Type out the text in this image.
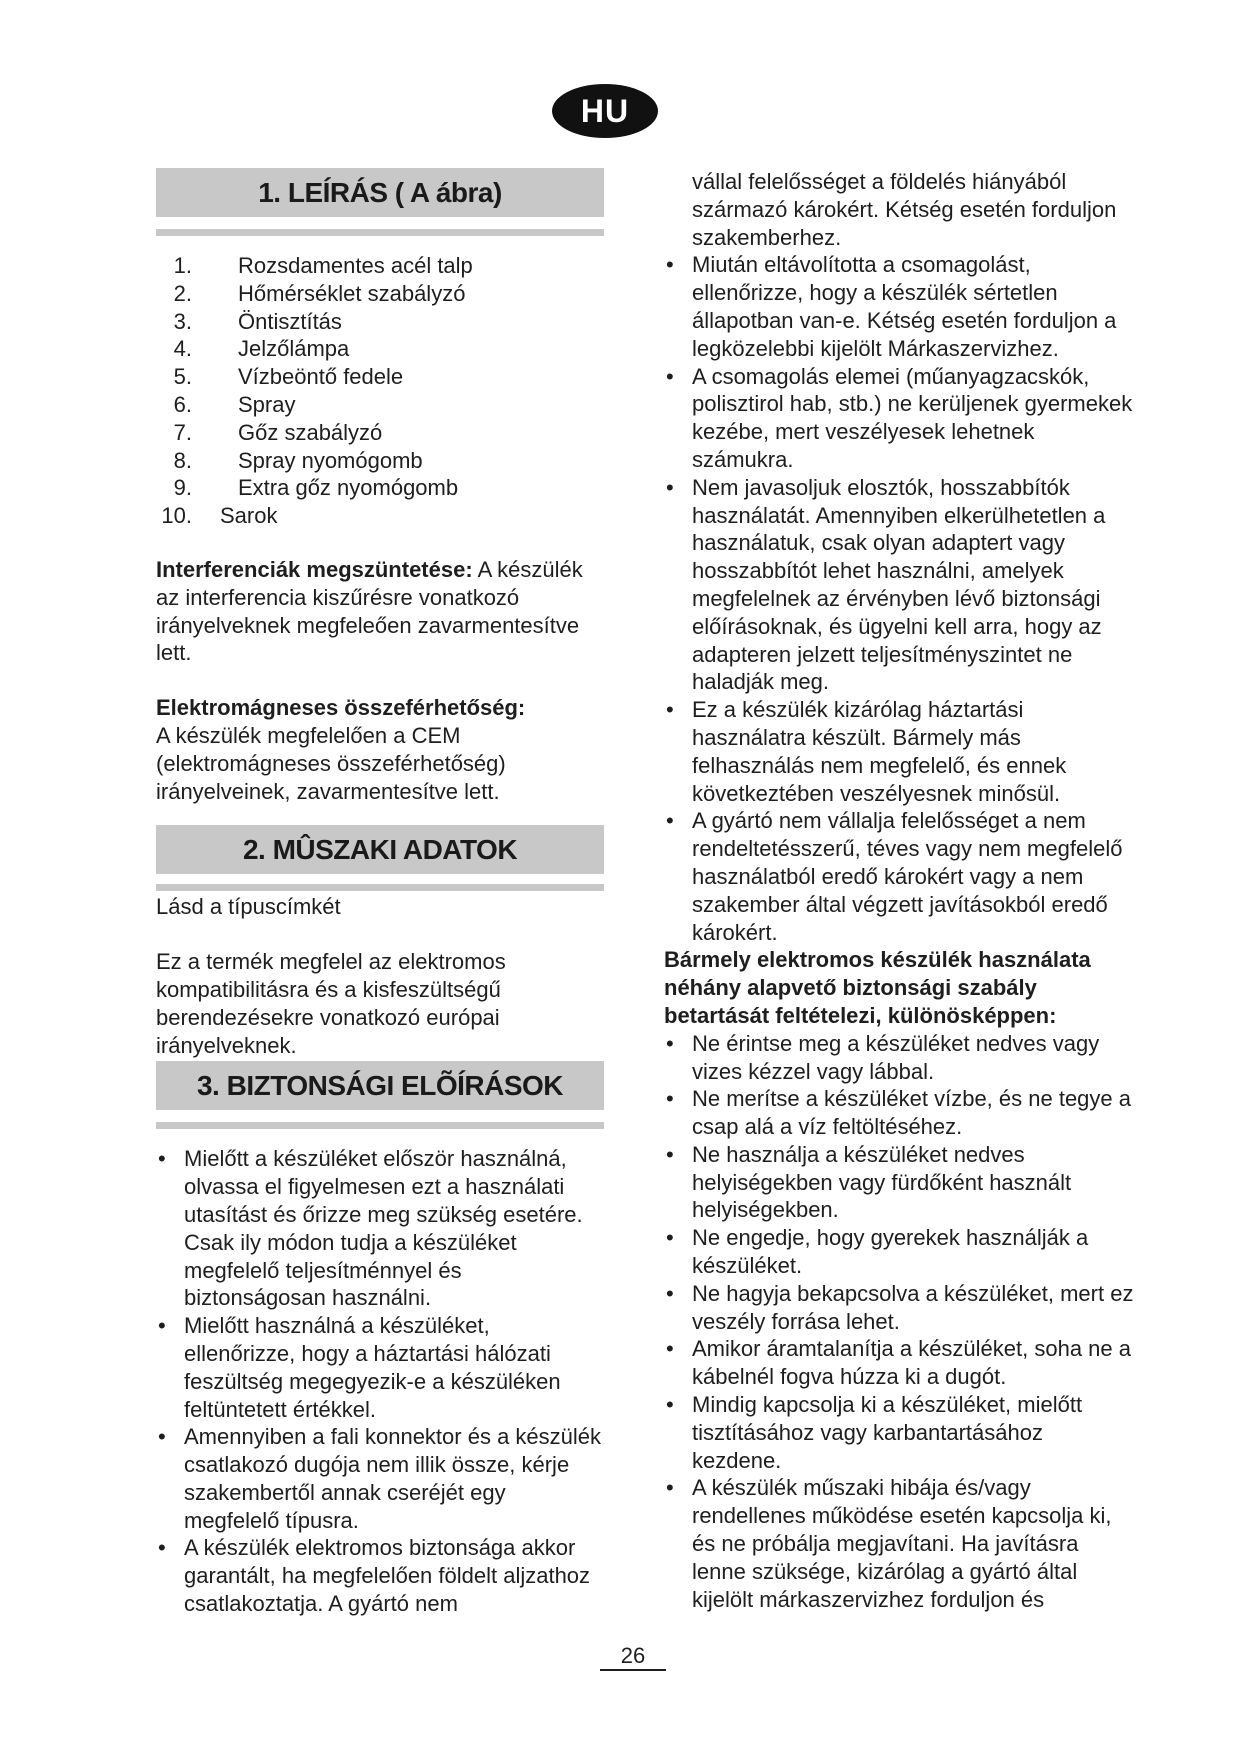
HU
1. LEÍRÁS ( A ábra)
1. Rozsdamentes acél talp
2. Hőmérséklet szabályzó
3. Öntisztítás
4. Jelzőlámpa
5. Vízbeöntő fedele
6. Spray
7. Gőz szabályzó
8. Spray nyomógomb
9. Extra gőz nyomógomb
10. Sarok

Interferenciák megszüntetése: A készülék az interferencia kiszűrésre vonatkozó irányelveknek megfeleően zavarmentesítve lett.

Elektromágneses összeférhetőség:

A készülék megfelelően a CEM (elektromágneses összeférhetőség) irányelveinek, zavarmentesítve lett.

2. MÛSZAKI ADATOK

Lásd a típuscímkét

Ez a termék megfelel az elektromos kompatibilitásra és a kisfeszültségű berendezésekre vonatkozó európai irányelveknek.

3. BIZTONSÁGI ELÕÍRÁSOK
• Mielőtt a készüléket először használná, olvassa el figyelmesen ezt a használati utasítást és őrizze meg szükség esetére. Csak ily módon tudja a készüléket megfelelő teljesítménnyel és biztonságosan használni.
• Mielőtt használná a készüléket, ellenőrizze, hogy a háztartási hálózati feszültség megegyezik-e a készüléken feltüntetett értékkel.
• Amennyiben a fali konnektor és a készülék csatlakozó dugója nem illik össze, kérje szakembertől annak cseréjét egy megfelelő típusra.
• A készülék elektromos biztonsága akkor garantált, ha megfelelően földelt aljzathoz csatlakoztatja. A gyártó nem

vállal felelősséget a földelés hiányából származó károkért. Kétség esetén forduljon szakemberhez.

• Miután eltávolította a csomagolást, ellenőrizze, hogy a készülék sértetlen állapotban van-e. Kétség esetén forduljon a legközelebbi kijelölt Márkaszervizhez.
• A csomagolás elemei (műanyagzacskók, polisztirol hab, stb.) ne kerüljenek gyermekek kezébe, mert veszélyesek lehetnek számukra.
• Nem javasoljuk elosztók, hosszabbítók használatát. Amennyiben elkerülhetetlen a használatuk, csak olyan adaptert vagy hosszabbítót lehet használni, amelyek megfelelnek az érvényben lévő biztonsági előírásoknak, és ügyelni kell arra, hogy az adapteren jelzett teljesítményszintet ne haladják meg.
• Ez a készülék kizárólag háztartási használatra készült. Bármely más felhasználás nem megfelelő, és ennek következtében veszélyesnek minősül.
• A gyártó nem vállalja felelősséget a nem rendeltetésszerű, téves vagy nem megfelelő használatból eredő károkért vagy a nem szakember által végzett javításokból eredő károkért.

Bármely elektromos készülék használata néhány alapvető biztonsági szabály betartását feltételezi, különösképpen:

• Ne érintse meg a készüléket nedves vagy vizes kézzel vagy lábbal.
• Ne merítse a készüléket vízbe, és ne tegye a csap alá a víz feltöltéséhez.
• Ne használja a készüléket nedves helyiségekben vagy fürdőként használt helyiségekben.
• Ne engedje, hogy gyerekek használják a készüléket.
• Ne hagyja bekapcsolva a készüléket, mert ez veszély forrása lehet.
• Amikor áramtalanítja a készüléket, soha ne a kábelnél fogva húzza ki a dugót.
• Mindig kapcsolja ki a készüléket, mielőtt tisztításához vagy karbantartásához kezdene.
• A készülék műszaki hibája és/vagy rendellenes működése esetén kapcsolja ki, és ne próbálja megjavítani. Ha javításra lenne szüksége, kizárólag a gyártó által kijelölt márkaszervizhez forduljon és
26
